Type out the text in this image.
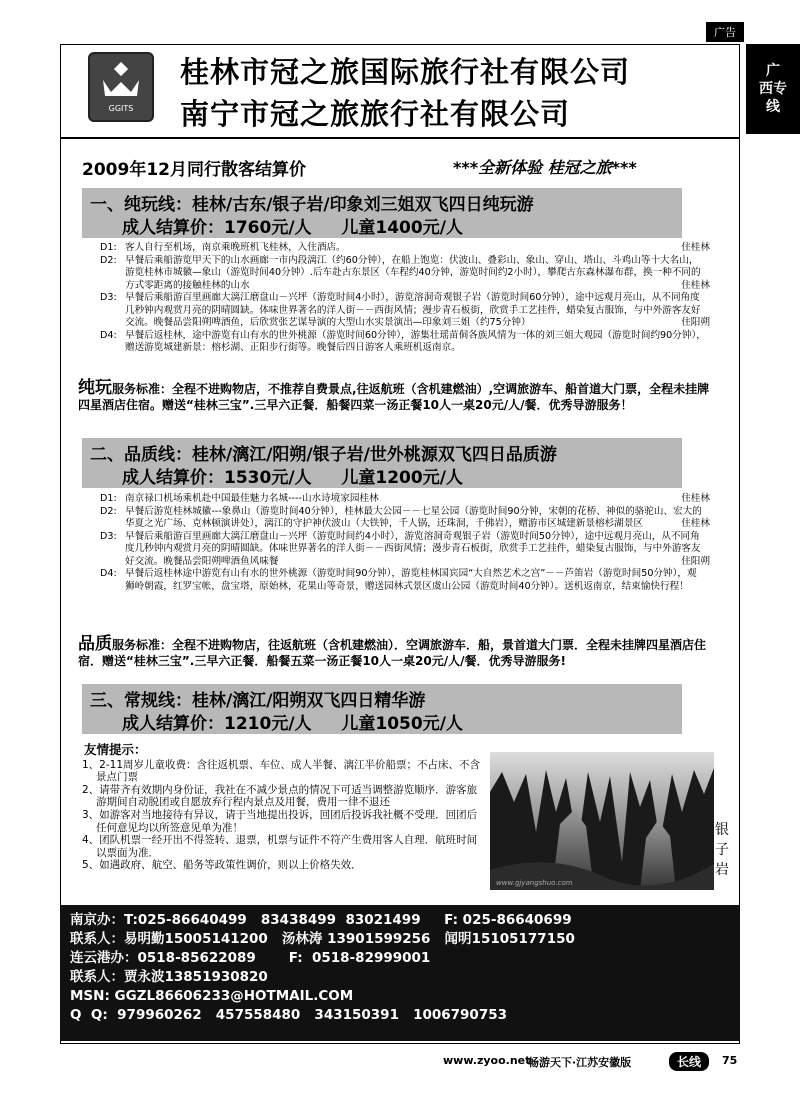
广告
广
西专
线
GGITS
桂林市冠之旅国际旅行社有限公司
南宁市冠之旅旅行社有限公司
2009年12月同行散客结算价	***全新体验 桂冠之旅***
一、纯玩线：桂林/古东/银子岩/印象刘三姐双飞四日纯玩游
成人结算价：1760元/人 儿童1400元/人
D1: 客人自行至机场，南京乘晚班机飞桂林，入住酒店。	住桂林
D2: 早餐后乘船游览甲天下的山水画廊一市内段漓江（约60分钟），在船上饱览：伏波山、叠彩山、象山、穿山、塔山、斗鸡山等十大名山，游览桂林市城徽—象山（游览时间40分钟）.后车赴古东景区（车程约40分钟，游览时间约2小时），攀爬古东森林瀑布群，换一种不同的方式零距离的接触桂林的山水	住桂林
D3: 早餐后乘船游百里画廊大漓江磨盘山－兴坪（游览时间4小时），游览溶洞奇观银子岩（游览时间60分钟），途中远观月亮山，从不同角度几秒钟内观赏月亮的阴晴圆缺。体味世界著名的洋人街－－西街风情；漫步青石板街，欣赏手工艺挂件，蜡染复古服饰，与中外游客友好交流。晚餐品尝阳朔啤酒鱼，后欣赏张艺谋导演的大型山水实景演出—印象刘三姐（约75分钟）	住阳朔
D4: 早餐后返桂林，途中游览有山有水的世外桃源（游览时间60分钟），游集壮瑶苗侗各族风情为一体的刘三姐大观园（游览时间约90分钟），赠送游览城建新景：榕杉湖、正阳步行街等。晚餐后四日游客人乘班机返南京。
纯玩服务标准：全程不进购物店，不推荐自费景点,往返航班（含机建燃油）,空调旅游车、船首道大门票，全程未挂牌四星酒店住宿。赠送“桂林三宝”.三早六正餐．船餐四菜一汤正餐10人一桌20元/人/餐．优秀导游服务！
二、品质线：桂林/漓江/阳朔/银子岩/世外桃源双飞四日品质游
成人结算价：1530元/人 儿童1200元/人
D1: 南京禄口机场乘机赴中国最佳魅力名城----山水诗境家园桂林	住桂林
D2: 早餐后游览桂林城徽---象鼻山（游览时间40分钟），桂林最大公园－－七星公园（游览时间90分钟，宋朝的花桥、神似的骆驼山、宏大的华夏之光广场、克林顿演讲处），漓江的守护神伏波山（大铁钟，千人锅，还珠洞，千佛岩），赠游市区城建新景榕杉湖景区	住桂林
D3: 早餐后乘船游百里画廊大漓江磨盘山－兴坪（游览时间约4小时），游览溶洞奇观银子岩（游览时间50分钟），途中远观月亮山，从不同角度几秒钟内观赏月亮的阴晴圆缺。体味世界著名的洋人街－－西街风情；漫步青石板街，欣赏手工艺挂件，蜡染复古服饰，与中外游客友好交流。晚餐品尝阳朔啤酒鱼风味餐	住阳朔
D4: 早餐后返桂林途中游览有山有水的世外桃源（游览时间90分钟），游览桂林国宾园“大自然艺术之宫”－－芦笛岩（游览时间50分钟），观狮岭朝霞，红罗宝帐，盘宝塔，原始林，花果山等奇景，赠送园林式景区虞山公园（游览时间40分钟）。送机返南京，结束愉快行程！
品质服务标准：全程不进购物店，往返航班（含机建燃油）．空调旅游车．船，景首道大门票．全程未挂牌四星酒店住宿．赠送“桂林三宝”.三早六正餐．船餐五菜一汤正餐10人一桌20元/人/餐．优秀导游服务!
三、常规线：桂林/漓江/阳朔双飞四日精华游
成人结算价：1210元/人 儿童1050元/人
友情提示：
1、2-11周岁儿童收费：含往返机票、车位、成人半餐、漓江半价船票；不占床、不含景点门票
2、请带齐有效期内身份证，我社在不减少景点的情况下可适当调整游览顺序．游客旅游期间自动脱团或自愿放弃行程内景点及用餐，费用一律不退还
3、如游客对当地接待有异议，请于当地提出投诉，回团后投诉我社概不受理．回团后任何意见均以所签意见单为准！
4、团队机票一经开出不得签转、退票，机票与证件不符产生费用客人自理．航班时间以票面为准．
5、如遇政府、航空、船务等政策性调价，则以上价格失效．
www.gjyangshuo.com
银子岩
南京办：T:025-86640499   83438499  83021499     F: 025-86640699
联系人：易明勤15005141200   汤林涛 13901599256   闻明15105177150
连云港办：0518-85622089       F:  0518-82999001
联系人：贾永波13851930820
MSN: GGZL86606233@HOTMAIL.COM
Q  Q:  979960262   457558480   343150391   1006790753
www.zyoo.net
畅游天下·江苏安徽版	长线	75
